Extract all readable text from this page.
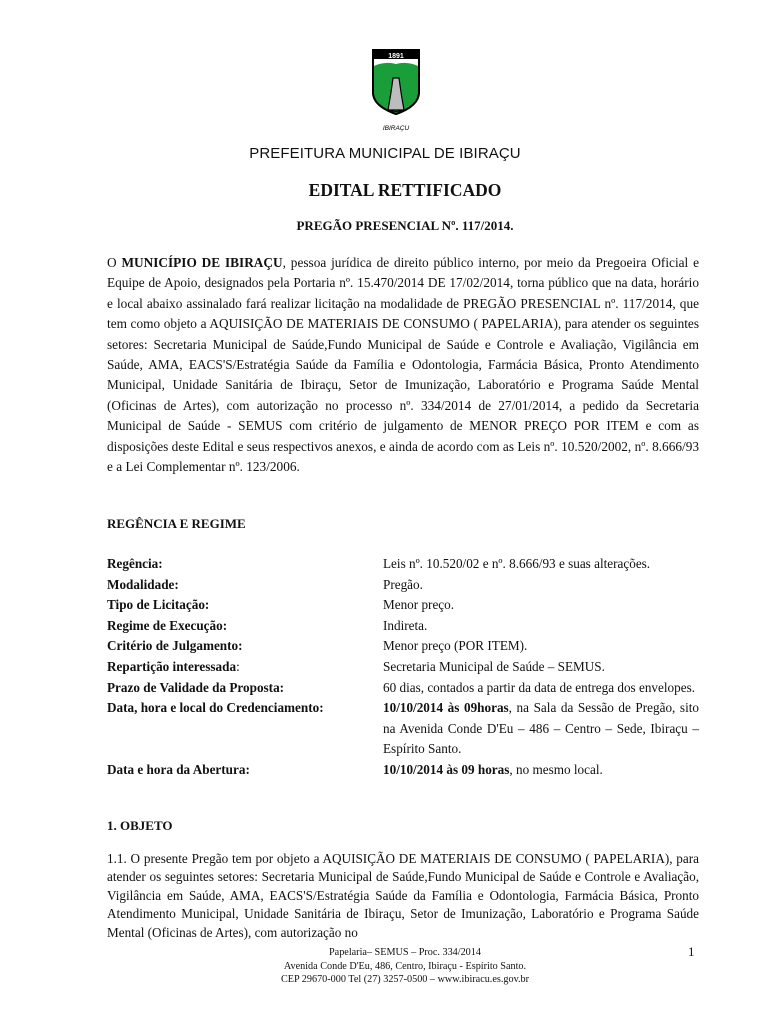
1891
IBIRAÇU
PREFEITURA MUNICIPAL DE IBIRAÇU
EDITAL RETTIFICADO
PREGÃO PRESENCIAL Nº. 117/2014.

O MUNICÍPIO DE IBIRAÇU, pessoa jurídica de direito público interno, por meio da Pregoeira Oficial e Equipe de Apoio, designados pela Portaria nº. 15.470/2014 DE 17/02/2014, torna público que na data, horário e local abaixo assinalado fará realizar licitação na modalidade de PREGÃO PRESENCIAL nº. 117/2014, que tem como objeto a AQUISIÇÃO DE MATERIAIS DE CONSUMO ( PAPELARIA), para atender os seguintes setores: Secretaria Municipal de Saúde,Fundo Municipal de Saúde e Controle e Avaliação, Vigilância em Saúde, AMA, EACS'S/Estratégia Saúde da Família e Odontologia, Farmácia Básica, Pronto Atendimento Municipal, Unidade Sanitária de Ibiraçu, Setor de Imunização, Laboratório e Programa Saúde Mental (Oficinas de Artes), com autorização no processo nº. 334/2014 de 27/01/2014, a pedido da Secretaria Municipal de Saúde - SEMUS com critério de julgamento de MENOR PREÇO POR ITEM e com as disposições deste Edital e seus respectivos anexos, e ainda de acordo com as Leis nº. 10.520/2002, nº. 8.666/93 e a Lei Complementar nº. 123/2006.

REGÊNCIA E REGIME
Regência:	Leis nº. 10.520/02 e nº. 8.666/93 e suas alterações.
Modalidade:	Pregão.
Tipo de Licitação:	Menor preço.
Regime de Execução:	Indireta.
Critério de Julgamento:	Menor preço (POR ITEM).
Repartição interessada:	Secretaria Municipal de Saúde – SEMUS.
Prazo de Validade da Proposta:	60 dias, contados a partir da data de entrega dos envelopes.
Data, hora e local do Credenciamento:	10/10/2014 às 09horas, na Sala da Sessão de Pregão, sito na Avenida Conde D'Eu – 486 – Centro – Sede, Ibiraçu – Espírito Santo.
Data e hora da Abertura:	10/10/2014 às 09 horas, no mesmo local.
1. OBJETO

1.1. O presente Pregão tem por objeto a AQUISIÇÃO DE MATERIAIS DE CONSUMO ( PAPELARIA), para atender os seguintes setores: Secretaria Municipal de Saúde,Fundo Municipal de Saúde e Controle e Avaliação, Vigilância em Saúde, AMA, EACS'S/Estratégia Saúde da Família e Odontologia, Farmácia Básica, Pronto Atendimento Municipal, Unidade Sanitária de Ibiraçu, Setor de Imunização, Laboratório e Programa Saúde Mental (Oficinas de Artes), com autorização no

Papelaria– SEMUS – Proc. 334/2014
Avenida Conde D'Eu, 486, Centro, Ibiraçu - Espírito Santo.
CEP 29670-000 Tel (27) 3257-0500 – www.ibiracu.es.gov.br
1
